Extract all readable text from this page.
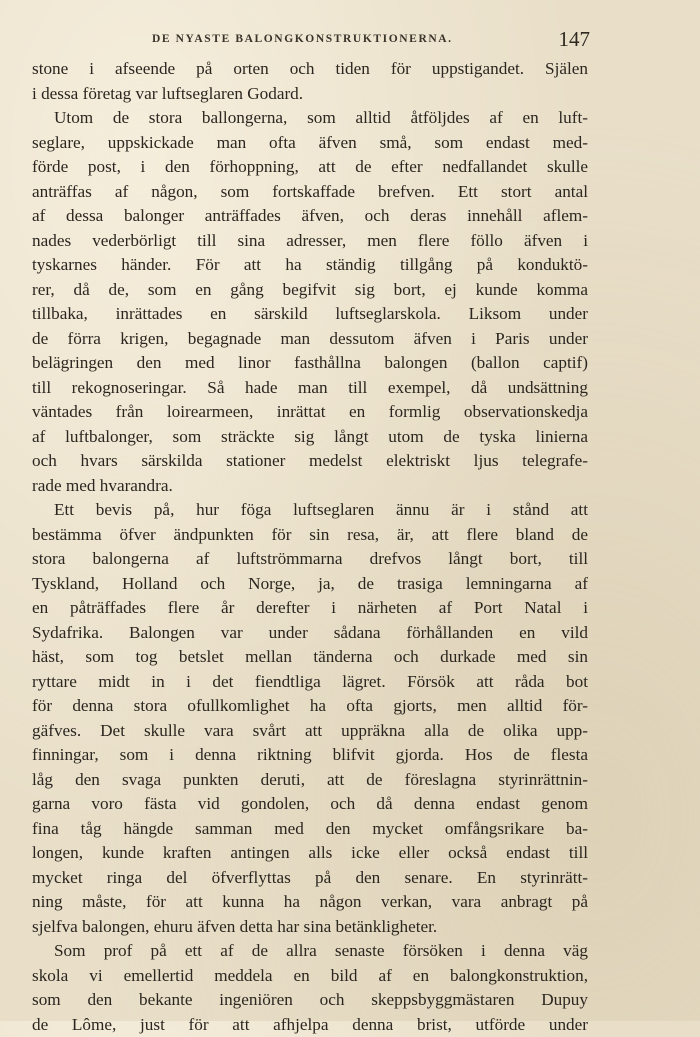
DE NYASTE BALONGKONSTRUKTIONERNA.	147
stone i afseende på orten och tiden för uppstigandet. Själen
i dessa företag var luftseglaren Godard.
Utom de stora ballongerna, som alltid åtföljdes af en luft-
seglare, uppskickade man ofta äfven små, som endast med-
förde post, i den förhoppning, att de efter nedfallandet skulle
anträffas af någon, som fortskaffade brefven. Ett stort antal
af dessa balonger anträffades äfven, och deras innehåll aflem-
nades vederbörligt till sina adresser, men flere föllo äfven i
tyskarnes händer. För att ha ständig tillgång på konduktö-
rer, då de, som en gång begifvit sig bort, ej kunde komma
tillbaka, inrättades en särskild luftseglarskola. Liksom under
de förra krigen, begagnade man dessutom äfven i Paris under
belägringen den med linor fasthållna balongen (ballon captif)
till rekognoseringar. Så hade man till exempel, då undsättning
väntades från loirearmeen, inrättat en formlig observationskedja
af luftbalonger, som sträckte sig långt utom de tyska linierna
och hvars särskilda stationer medelst elektriskt ljus telegrafe-
rade med hvarandra.
Ett bevis på, hur föga luftseglaren ännu är i stånd att
bestämma öfver ändpunkten för sin resa, är, att flere bland de
stora balongerna af luftströmmarna drefvos långt bort, till
Tyskland, Holland och Norge, ja, de trasiga lemningarna af
en påträffades flere år derefter i närheten af Port Natal i
Sydafrika. Balongen var under sådana förhållanden en vild
häst, som tog betslet mellan tänderna och durkade med sin
ryttare midt in i det fiendtliga lägret. Försök att råda bot
för denna stora ofullkomlighet ha ofta gjorts, men alltid för-
gäfves. Det skulle vara svårt att uppräkna alla de olika upp-
finningar, som i denna riktning blifvit gjorda. Hos de flesta
låg den svaga punkten deruti, att de föreslagna styrinrättnin-
garna voro fästa vid gondolen, och då denna endast genom
fina tåg hängde samman med den mycket omfångsrikare ba-
longen, kunde kraften antingen alls icke eller också endast till
mycket ringa del öfverflyttas på den senare. En styrinrätt-
ning måste, för att kunna ha någon verkan, vara anbragt på
sjelfva balongen, ehuru äfven detta har sina betänkligheter.
Som prof på ett af de allra senaste försöken i denna väg
skola vi emellertid meddela en bild af en balongkonstruktion,
som den bekante ingeniören och skeppsbyggmästaren Dupuy
de Lôme, just för att afhjelpa denna brist, utförde under
